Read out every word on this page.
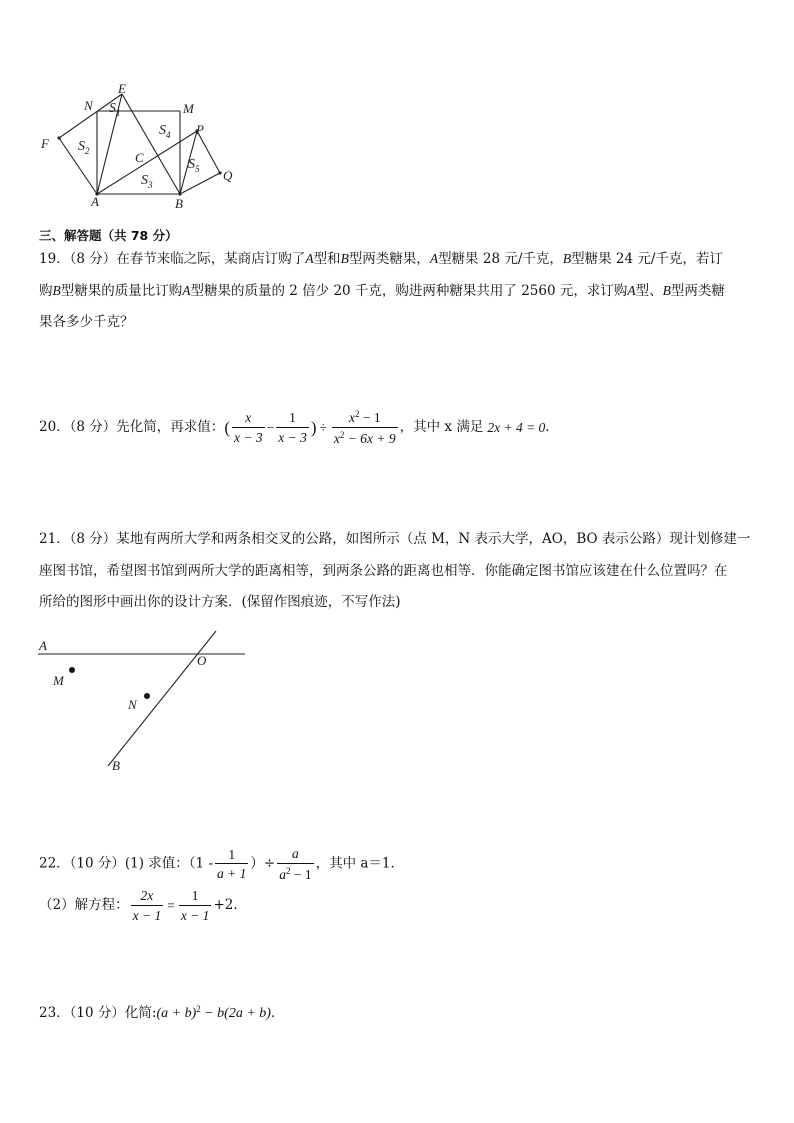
E
N	M
P
F
C
Q
A	B
$S_1$
$S_2$
$S_4$
$S_5$
$S_3$
三、解答题（共 78 分）
19．（8 分）在春节来临之际，某商店订购了A型和B型两类糖果，A型糖果 28 元/千克，B型糖果 24 元/千克，若订
购B型糖果的质量比订购A型糖果的质量的 2 倍少 20 千克，购进两种糖果共用了 2560 元，求订购A型、B型两类糖
果各多少千克？
20．（8 分）先化简，再求值：( $\frac{x}{x - 3} - \frac{1}{x - 3}$ ) ÷ $\frac{x^2 - 1}{x^2 - 6x + 9}$ ，其中 x 满足 2x + 4 = 0．
21．（8 分）某地有两所大学和两条相交叉的公路，如图所示（点 M，N 表示大学，AO，BO 表示公路）现计划修建一
座图书馆，希望图书馆到两所大学的距离相等，到两条公路的距离也相等．你能确定图书馆应该建在什么位置吗？在
所给的图形中画出你的设计方案．(保留作图痕迹，不写作法)
A
O
M
N
B
22．（10 分）(1) 求值：（$1 - \frac{1}{a + 1}$ ）÷ $\frac{a}{a^2 - 1}$ ，其中 a＝1．
（2）解方程： $\frac{2x}{x - 1} = \frac{1}{x - 1} +2$．
23．（10 分）化简:(a + b)$^2$ − b(2a + b)．
